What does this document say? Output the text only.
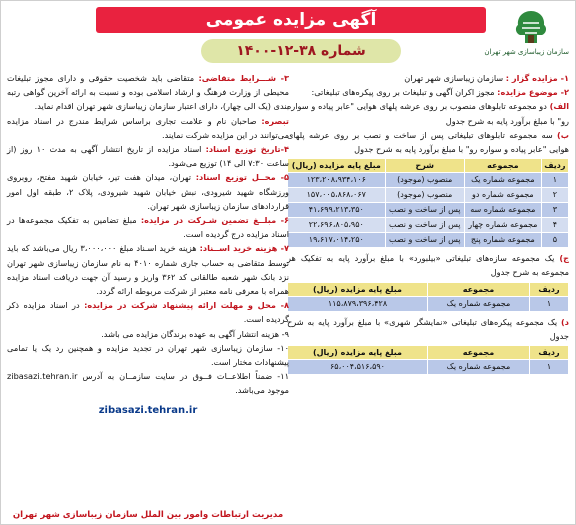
سازمان زیباسازی شهر تهران
آگهی مزایده عمومی
شماره ۳۸-۱۲-۱۴۰۰

۱- مزایده گزار : سازمان زیباسازی شهر تهران

۲- موضوع مزایده: مجوز اکران آگهی و تبلیغات بر روی پیکره‌های تبلیغاتی:

الف) دو مجموعه تابلوهای منصوب بر روی عرشه پلهای هوایی "عابر پیاده و سواره رو" با مبلغ برآورد پایه به شرح جدول

ب) سه مجموعه تابلوهای تبلیغاتی پس از ساخت و نصب بر روی عرشه پلهای هوایی "عابر پیاده و سواره رو" با مبلغ برآورد پایه به شرح جدول

ردیف	مجموعه	شرح	مبلغ پایه مزایده (ریال)
۱	مجموعه شماره یک	منصوب (موجود)	۱۲۳،۲۰۸،۹۳۴،۱۰۶
۲	مجموعه شماره دو	منصوب (موجود)	۱۵۷،۰۰۵،۸۶۸،۰۶۷
۳	مجموعه شماره سه	پس از ساخت و نصب	۴۱،۶۹۹،۲۱۳،۳۵۰
۴	مجموعه شماره چهار	پس از ساخت و نصب	۲۲،۶۹۶،۸۰۵،۹۵۰
۵	مجموعه شماره پنج	پس از ساخت و نصب	۱۹،۶۱۷،۰۱۴،۲۵۰

ج) یک مجموعه سازه‌های تبلیغاتی «بیلبورد» با مبلغ برآورد پایه به تفکیک هر مجموعه به شرح جدول

ردیف	مجموعه	مبلغ پایه مزایده (ریال)
۱	مجموعه شماره یک	۱۱۵،۸۷۹،۳۹۶،۴۲۸

د) یک مجموعه پیکره‌های تبلیغاتی «نمایشگر شهری» با مبلغ برآورد پایه به شرح جدول

ردیف	مجموعه	مبلغ پایه مزایده (ریال)
۱	مجموعه شماره یک	۶۵،۰۰۴،۵۱۶،۵۹۰

۳- شـــرایط متقاضی: متقاضی باید شخصیت حقوقی و دارای مجوز تبلیغات محیطی از وزارت فرهنگ و ارشاد اسلامی بوده و نسبت به ارائه آخرین گواهی رتبه بندی (یک الی چهار)، دارای اعتبار سازمان زیباسازی شهر تهران اقدام نماید.

تبصره: صاحبان نام و علامت تجاری براساس شرایط مندرج در اسناد مزایده می‌توانند در این مزایده شرکت نمایند.

۴-تاریخ توزیع اسناد: اسناد مزایده از تاریخ انتشار آگهی به مدت ۱۰ روز (از ساعت ۷:۳۰ الی ۱۴) توزیع می‌شود.

۵- محــل توزیع اسناد: تهران، میدان هفت تیر، خیابان شهید مفتح، روبروی ورزشگاه شهید شیرودی، نبش خیابان شهید شیرودی، پلاک ۲، طبقه اول امور قراردادهای سازمان زیباسازی شهر تهران.

۶- مبلــغ تضمین شـرکت در مزایده: مبلغ تضامین به تفکیک مجموعه‌ها در اسناد مزایده درج گردیده است.

۷- هزینه خرید اســناد: هزینه خرید اسـناد مبلغ ۳،۰۰۰،۰۰۰ ریال می‌باشد که باید توسط متقاضی به حساب جاری شماره ۴۰۱۰ به نام سازمان زیباسازی شهر تهران نزد بانک شهر شعبه طالقانی کد ۳۶۲ واریز و رسید آن جهت دریافت اسناد مزایده همراه با معرفی نامه معتبر از شرکت مربوطه ارائه گردد.

۸- محل و مهلت ارائه پیشنهاد شرکت در مزایده: در اسناد مزایده ذکر گردیده است.

۹- هزینه انتشار آگهی به عهده برندگان مزایده می باشد.

۱۰- سازمان زیباسازی شهر تهران در تجدید مزایده و همچنین رد یک یا تمامی پیشنهادات مختار است.

۱۱- ضمناً اطلاعــات فــوق در سایت سازمــان به آدرس zibasazi.tehran.ir موجود می‌باشد.

zibasazi.tehran.ir
مدیریت ارتباطات وامور بین الملل سازمان زیباسازی شهر تهران
